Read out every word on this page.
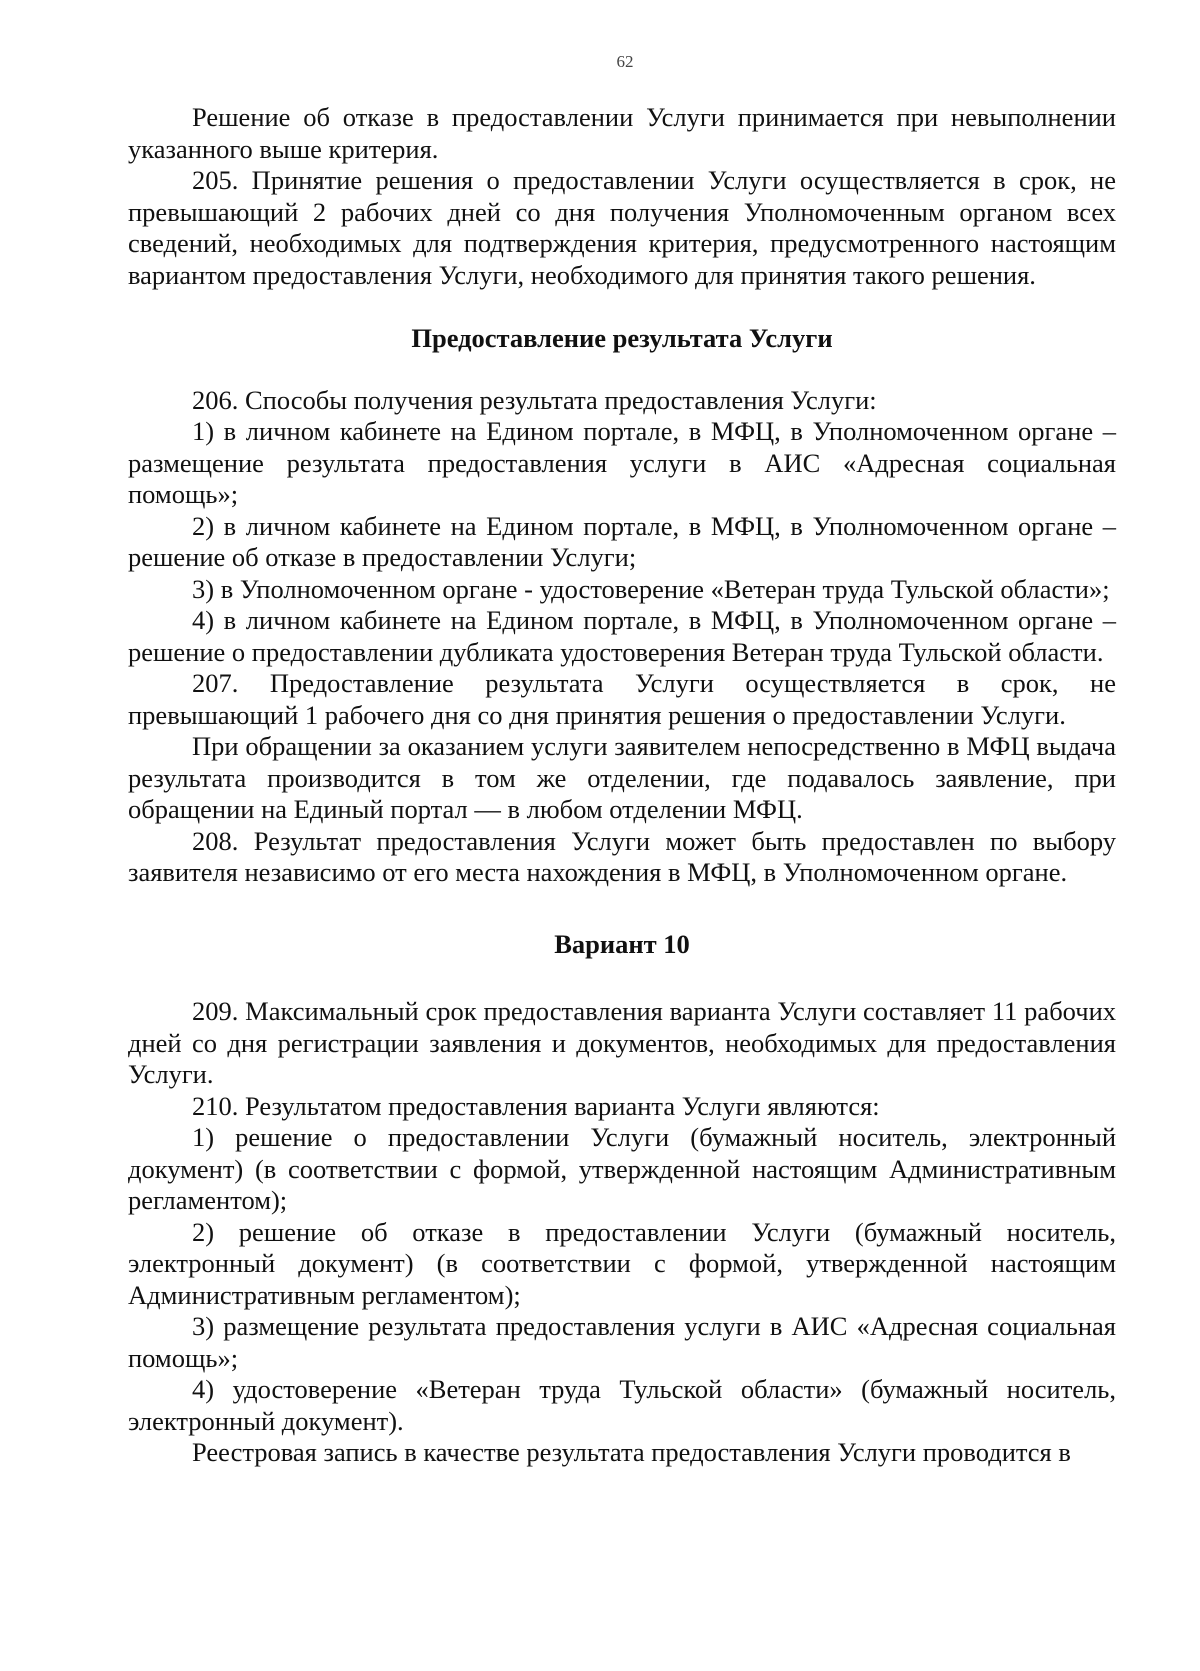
62

Решение об отказе в предоставлении Услуги принимается при невыполнении указанного выше критерия.

205. Принятие решения о предоставлении Услуги осуществляется в срок, не превышающий 2 рабочих дней со дня получения Уполномоченным органом всех сведений, необходимых для подтверждения критерия, предусмотренного настоящим вариантом предоставления Услуги, необходимого для принятия такого решения.

Предоставление результата Услуги

206. Способы получения результата предоставления Услуги:

1) в личном кабинете на Едином портале, в МФЦ, в Уполномоченном органе – размещение результата предоставления услуги в АИС «Адресная социальная помощь»;

2) в личном кабинете на Едином портале, в МФЦ, в Уполномоченном органе – решение об отказе в предоставлении Услуги;

3) в Уполномоченном органе - удостоверение «Ветеран труда Тульской области»;

4) в личном кабинете на Едином портале, в МФЦ, в Уполномоченном органе – решение о предоставлении дубликата удостоверения Ветеран труда Тульской области.

207. Предоставление результата Услуги осуществляется в срок, не превышающий 1 рабочего дня со дня принятия решения о предоставлении Услуги.

При обращении за оказанием услуги заявителем непосредственно в МФЦ выдача результата производится в том же отделении, где подавалось заявление, при обращении на Единый портал — в любом отделении МФЦ.

208. Результат предоставления Услуги может быть предоставлен по выбору заявителя независимо от его места нахождения в МФЦ, в Уполномоченном органе.

Вариант 10

209. Максимальный срок предоставления варианта Услуги составляет 11 рабочих дней со дня регистрации заявления и документов, необходимых для предоставления Услуги.

210. Результатом предоставления варианта Услуги являются:

1) решение о предоставлении Услуги (бумажный носитель, электронный документ) (в соответствии с формой, утвержденной настоящим Административным регламентом);

2) решение об отказе в предоставлении Услуги (бумажный носитель, электронный документ) (в соответствии с формой, утвержденной настоящим Административным регламентом);

3) размещение результата предоставления услуги в АИС «Адресная социальная помощь»;

4) удостоверение «Ветеран труда Тульской области» (бумажный носитель, электронный документ).

Реестровая запись в качестве результата предоставления Услуги проводится в
